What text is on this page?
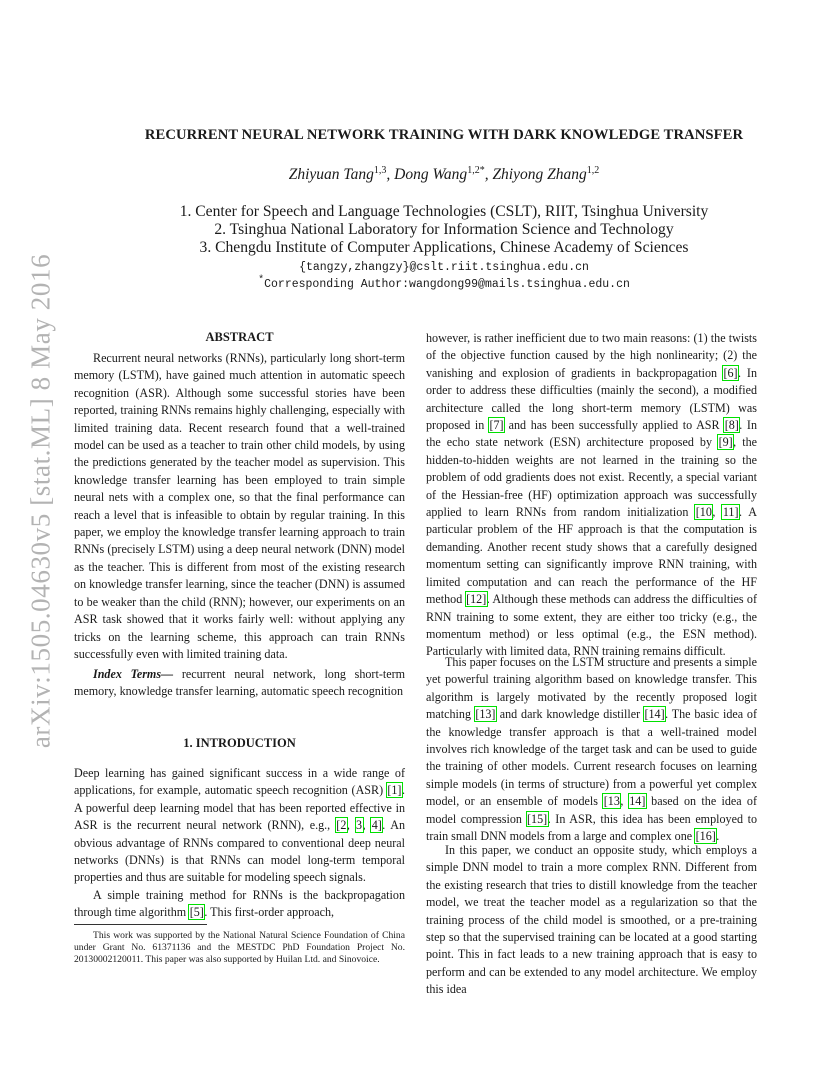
arXiv:1505.04630v5 [stat.ML] 8 May 2016
RECURRENT NEURAL NETWORK TRAINING WITH DARK KNOWLEDGE TRANSFER
Zhiyuan Tang$^{1,3}$, Dong Wang$^{1,2*}$, Zhiyong Zhang$^{1,2}$
1. Center for Speech and Language Technologies (CSLT), RIIT, Tsinghua University
2. Tsinghua National Laboratory for Information Science and Technology
3. Chengdu Institute of Computer Applications, Chinese Academy of Sciences
{tangzy,zhangzy}@cslt.riit.tsinghua.edu.cn
*Corresponding Author:wangdong99@mails.tsinghua.edu.cn
ABSTRACT
Recurrent neural networks (RNNs), particularly long short-term memory (LSTM), have gained much attention in automatic speech recognition (ASR). Although some successful stories have been reported, training RNNs remains highly challenging, especially with limited training data. Recent research found that a well-trained model can be used as a teacher to train other child models, by using the predictions generated by the teacher model as supervision. This knowledge transfer learning has been employed to train simple neural nets with a complex one, so that the final performance can reach a level that is infeasible to obtain by regular training. In this paper, we employ the knowledge transfer learning approach to train RNNs (precisely LSTM) using a deep neural network (DNN) model as the teacher. This is different from most of the existing research on knowledge transfer learning, since the teacher (DNN) is assumed to be weaker than the child (RNN); however, our experiments on an ASR task showed that it works fairly well: without applying any tricks on the learning scheme, this approach can train RNNs successfully even with limited training data.
Index Terms— recurrent neural network, long short-term memory, knowledge transfer learning, automatic speech recognition
1. INTRODUCTION
Deep learning has gained significant success in a wide range of applications, for example, automatic speech recognition (ASR) [1]. A powerful deep learning model that has been reported effective in ASR is the recurrent neural network (RNN), e.g., [2, 3, 4]. An obvious advantage of RNNs compared to conventional deep neural networks (DNNs) is that RNNs can model long-term temporal properties and thus are suitable for modeling speech signals.
A simple training method for RNNs is the backpropagation through time algorithm [5]. This first-order approach,
This work was supported by the National Natural Science Foundation of China under Grant No. 61371136 and the MESTDC PhD Foundation Project No. 20130002120011. This paper was also supported by Huilan Ltd. and Sinovoice.
however, is rather inefficient due to two main reasons: (1) the twists of the objective function caused by the high nonlinearity; (2) the vanishing and explosion of gradients in backpropagation [6]. In order to address these difficulties (mainly the second), a modified architecture called the long short-term memory (LSTM) was proposed in [7] and has been successfully applied to ASR [8]. In the echo state network (ESN) architecture proposed by [9], the hidden-to-hidden weights are not learned in the training so the problem of odd gradients does not exist. Recently, a special variant of the Hessian-free (HF) optimization approach was successfully applied to learn RNNs from random initialization [10, 11]. A particular problem of the HF approach is that the computation is demanding. Another recent study shows that a carefully designed momentum setting can significantly improve RNN training, with limited computation and can reach the performance of the HF method [12]. Although these methods can address the difficulties of RNN training to some extent, they are either too tricky (e.g., the momentum method) or less optimal (e.g., the ESN method). Particularly with limited data, RNN training remains difficult.
This paper focuses on the LSTM structure and presents a simple yet powerful training algorithm based on knowledge transfer. This algorithm is largely motivated by the recently proposed logit matching [13] and dark knowledge distiller [14]. The basic idea of the knowledge transfer approach is that a well-trained model involves rich knowledge of the target task and can be used to guide the training of other models. Current research focuses on learning simple models (in terms of structure) from a powerful yet complex model, or an ensemble of models [13, 14] based on the idea of model compression [15]. In ASR, this idea has been employed to train small DNN models from a large and complex one [16].
In this paper, we conduct an opposite study, which employs a simple DNN model to train a more complex RNN. Different from the existing research that tries to distill knowledge from the teacher model, we treat the teacher model as a regularization so that the training process of the child model is smoothed, or a pre-training step so that the supervised training can be located at a good starting point. This in fact leads to a new training approach that is easy to perform and can be extended to any model architecture. We employ this idea
